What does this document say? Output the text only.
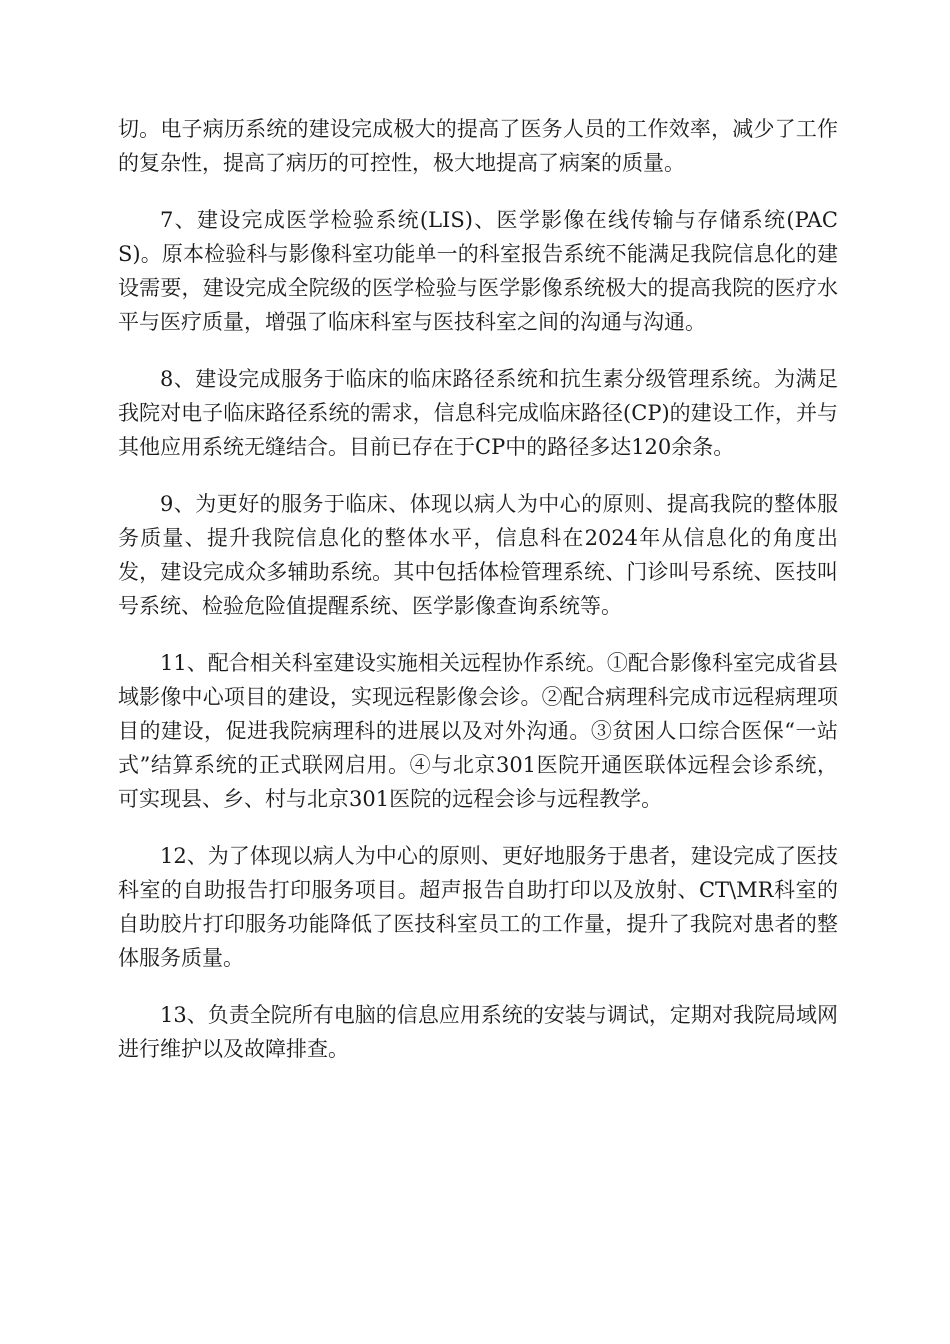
切。电子病历系统的建设完成极大的提高了医务人员的工作效率，减少了工作的复杂性，提高了病历的可控性，极大地提高了病案的质量。

7、建设完成医学检验系统(LIS)、医学影像在线传输与存储系统(PACS)。原本检验科与影像科室功能单一的科室报告系统不能满足我院信息化的建设需要，建设完成全院级的医学检验与医学影像系统极大的提高我院的医疗水平与医疗质量，增强了临床科室与医技科室之间的沟通与沟通。

8、建设完成服务于临床的临床路径系统和抗生素分级管理系统。为满足我院对电子临床路径系统的需求，信息科完成临床路径(CP)的建设工作，并与其他应用系统无缝结合。目前已存在于CP中的路径多达120余条。

9、为更好的服务于临床、体现以病人为中心的原则、提高我院的整体服务质量、提升我院信息化的整体水平，信息科在2024年从信息化的角度出发，建设完成众多辅助系统。其中包括体检管理系统、门诊叫号系统、医技叫号系统、检验危险值提醒系统、医学影像查询系统等。

11、配合相关科室建设实施相关远程协作系统。①配合影像科室完成省县域影像中心项目的建设，实现远程影像会诊。②配合病理科完成市远程病理项目的建设，促进我院病理科的进展以及对外沟通。③贫困人口综合医保“一站式”结算系统的正式联网启用。④与北京301医院开通医联体远程会诊系统，可实现县、乡、村与北京301医院的远程会诊与远程教学。

12、为了体现以病人为中心的原则、更好地服务于患者，建设完成了医技科室的自助报告打印服务项目。超声报告自助打印以及放射、CT\MR科室的自助胶片打印服务功能降低了医技科室员工的工作量，提升了我院对患者的整体服务质量。

13、负责全院所有电脑的信息应用系统的安装与调试，定期对我院局域网进行维护以及故障排查。
